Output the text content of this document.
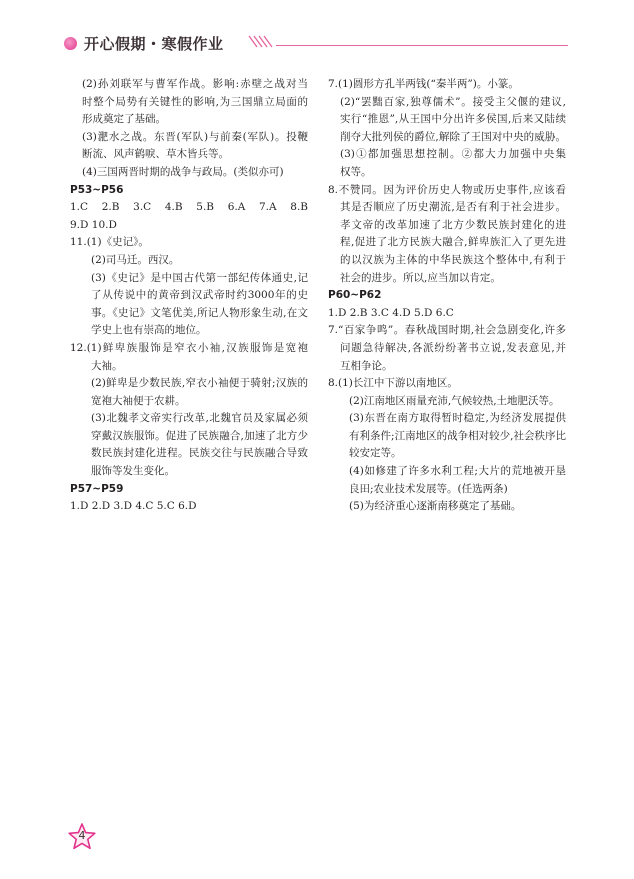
开心假期・寒假作业
(2)孙刘联军与曹军作战。影响:赤壁之战对当
时整个局势有关键性的影响,为三国鼎立局面的
形成奠定了基础。
(3)淝水之战。东晋(军队)与前秦(军队)。投鞭
断流、风声鹤唳、草木皆兵等。
(4)三国两晋时期的战争与政局。(类似亦可)
P53~P56
1.C 2.B 3.C 4.B 5.B 6.A 7.A 8.B
9.D 10.D
11.(1)《史记》。
(2)司马迁。西汉。
(3)《史记》是中国古代第一部纪传体通史,记
了从传说中的黄帝到汉武帝时约3000年的史
事。《史记》文笔优美,所记人物形象生动,在文
学史上也有崇高的地位。
12.(1)鲜卑族服饰是窄衣小袖,汉族服饰是宽袍
大袖。
(2)鲜卑是少数民族,窄衣小袖便于骑射;汉族的
宽袍大袖便于农耕。
(3)北魏孝文帝实行改革,北魏官员及家属必须
穿戴汉族服饰。促进了民族融合,加速了北方少
数民族封建化进程。民族交往与民族融合导致
服饰等发生变化。
P57~P59
1.D 2.D 3.D 4.C 5.C 6.D
7.(1)圆形方孔半两钱(“秦半两”)。小篆。
(2)“罢黜百家,独尊儒术”。接受主父偃的建议,
实行“推恩”,从王国中分出许多侯国,后来又陆续
削夺大批列侯的爵位,解除了王国对中央的威胁。
(3)①都加强思想控制。②都大力加强中央集
权等。
8.不赞同。因为评价历史人物或历史事件,应该看
其是否顺应了历史潮流,是否有利于社会进步。
孝文帝的改革加速了北方少数民族封建化的进
程,促进了北方民族大融合,鲜卑族汇入了更先进
的以汉族为主体的中华民族这个整体中,有利于
社会的进步。所以,应当加以肯定。
P60~P62
1.D 2.B 3.C 4.D 5.D 6.C
7.“百家争鸣”。春秋战国时期,社会急剧变化,许多
问题急待解决,各派纷纷著书立说,发表意见,并
互相争论。
8.(1)长江中下游以南地区。
(2)江南地区雨量充沛,气候较热,土地肥沃等。
(3)东晋在南方取得暂时稳定,为经济发展提供
有利条件;江南地区的战争相对较少,社会秩序比
较安定等。
(4)如修建了许多水利工程;大片的荒地被开垦
良田;农业技术发展等。(任选两条)
(5)为经济重心逐渐南移奠定了基础。
4
